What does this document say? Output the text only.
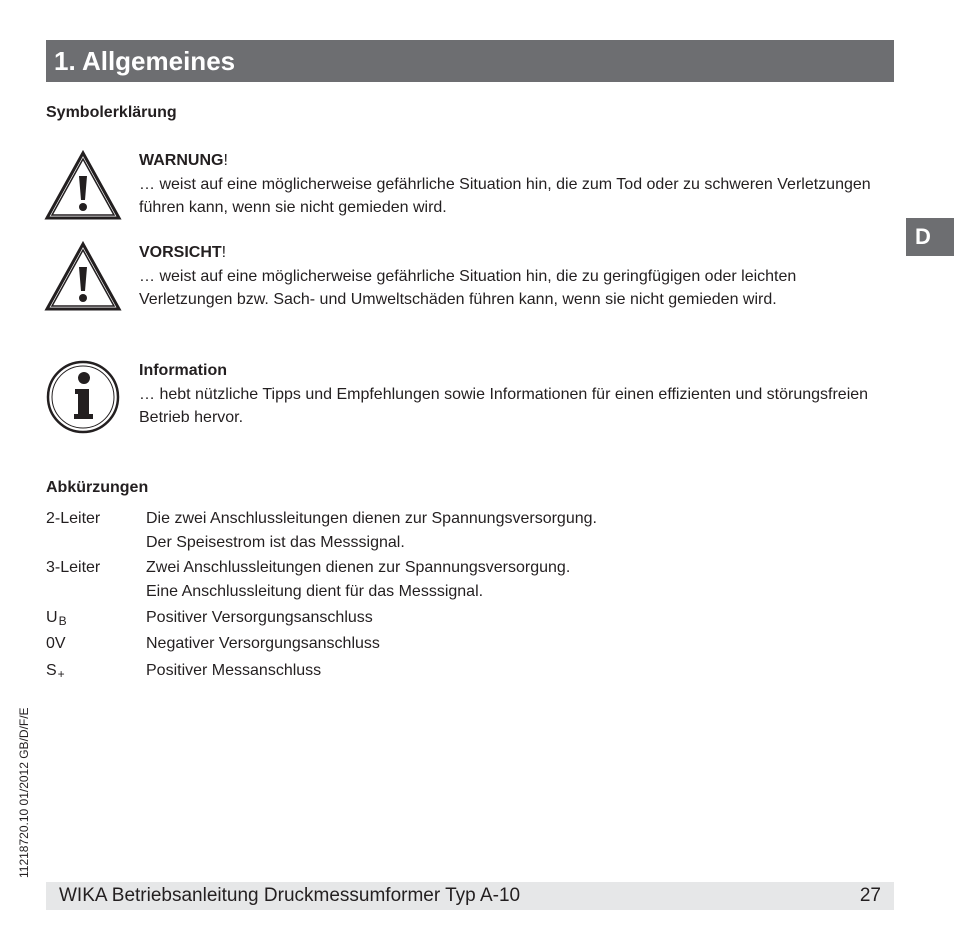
1. Allgemeines
Symbolerklärung
WARNUNG!
… weist auf eine möglicherweise gefährliche Situation hin, die zum Tod oder zu schweren Verletzungen führen kann, wenn sie nicht gemieden wird.
VORSICHT!
… weist auf eine möglicherweise gefährliche Situation hin, die zu geringfügigen oder leichten Verletzungen bzw. Sach- und Umweltschäden führen kann, wenn sie nicht gemieden wird.
Information
… hebt nützliche Tipps und Empfehlungen sowie Informationen für einen effizienten und störungsfreien Betrieb hervor.
Abkürzungen
2-Leiter	Die zwei Anschlussleitungen dienen zur Spannungsversorgung.
Der Speisestrom ist das Messsignal.
3-Leiter	Zwei Anschlussleitungen dienen zur Spannungsversorgung.
Eine Anschlussleitung dient für das Messsignal.
$U_B$	Positiver Versorgungsanschluss
0V	Negativer Versorgungsanschluss
$S_+$	Positiver Messanschluss
D
11218720.10 01/2012 GB/D/F/E
WIKA Betriebsanleitung Druckmessumformer Typ A-10	27
